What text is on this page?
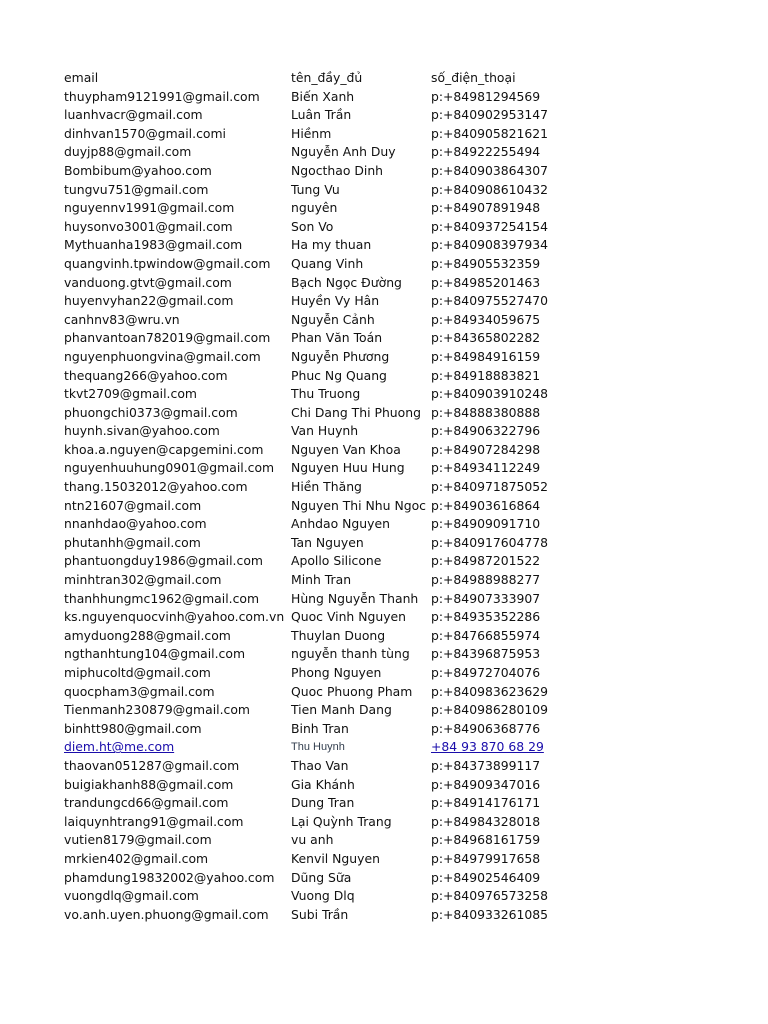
email	tên_đầy_đủ	số_điện_thoại
thuypham9121991@gmail.com	Biến Xanh	p:+84981294569
luanhvacr@gmail.com	Luân Trần	p:+840902953147
dinhvan1570@gmail.comi	Hiềnm	p:+840905821621
duyjp88@gmail.com	Nguyễn Anh Duy	p:+84922255494
Bombibum@yahoo.com	Ngocthao Dinh	p:+840903864307
tungvu751@gmail.com	Tung Vu	p:+840908610432
nguyennv1991@gmail.com	nguyên	p:+84907891948
huysonvo3001@gmail.com	Son Vo	p:+840937254154
Mythuanha1983@gmail.com	Ha my thuan	p:+840908397934
quangvinh.tpwindow@gmail.com Quang Vinh	p:+84905532359
vanduong.gtvt@gmail.com	Bạch Ngọc Đường p:+84985201463
huyenvyhan22@gmail.com	Huyền Vy Hân	p:+840975527470
canhnv83@wru.vn	Nguyễn Cảnh	p:+84934059675
phanvantoan782019@gmail.com Phan Văn Toán	p:+84365802282
nguyenphuongvina@gmail.com Nguyễn Phương	p:+84984916159
thequang266@yahoo.com	Phuc Ng Quang	p:+84918883821
tkvt2709@gmail.com	Thu Truong	p:+840903910248
phuongchi0373@gmail.com	Chi Dang Thi Phuong p:+84888380888
huynh.sivan@yahoo.com	Van Huynh	p:+84906322796
khoa.a.nguyen@capgemini.com Nguyen Van Khoa p:+84907284298
nguyenhuuhung0901@gmail.com Nguyen Huu Hung p:+84934112249
thang.15032012@yahoo.com	Hiền Thăng	p:+840971875052
ntn21607@gmail.com	Nguyen Thi Nhu Ngoc p:+84903616864
nnanhdao@yahoo.com	Anhdao Nguyen	p:+84909091710
phutanhh@gmail.com	Tan Nguyen	p:+840917604778
phantuongduy1986@gmail.com Apollo Silicone	p:+84987201522
minhtran302@gmail.com	Minh Tran	p:+84988988277
thanhhungmc1962@gmail.com	Hùng Nguyễn Thanh p:+84907333907
ks.nguyenquocvinh@yahoo.com.vn Quoc Vinh Nguyen p:+84935352286
amyduong288@gmail.com	Thuylan Duong	p:+84766855974
ngthanhtung104@gmail.com	nguyễn thanh tùng p:+84396875953
miphucoltd@gmail.com	Phong Nguyen	p:+84972704076
quocpham3@gmail.com	Quoc Phuong Pham p:+840983623629
Tienmanh230879@gmail.com	Tien Manh Dang	p:+840986280109
binhtt980@gmail.com	Binh Tran	p:+84906368776
diem.ht@me.com	Thu Huynh	+84 93 870 68 29
thaovan051287@gmail.com	Thao Van	p:+84373899117
buigiakhanh88@gmail.com	Gia Khánh	p:+84909347016
trandungcd66@gmail.com	Dung Tran	p:+84914176171
laiquynhtrang91@gmail.com	Lại Quỳnh Trang	p:+84984328018
vutien8179@gmail.com	vu anh	p:+84968161759
mrkien402@gmail.com	Kenvil Nguyen	p:+84979917658
phamdung19832002@yahoo.com Dũng Sữa	p:+84902546409
vuongdlq@gmail.com	Vuong Dlq	p:+840976573258
vo.anh.uyen.phuong@gmail.com Subi Trần	p:+840933261085
